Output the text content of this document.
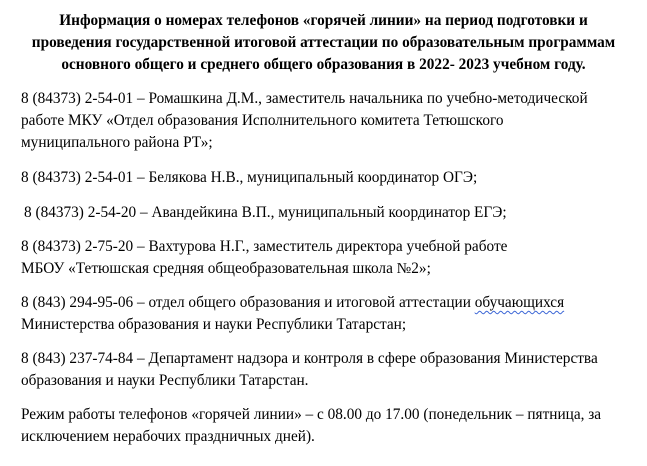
Информация о номерах телефонов «горячей линии» на период подготовки и
проведения государственной итоговой аттестации по образовательным программам
основного общего и среднего общего образования в 2022- 2023 учебном году.
8 (84373) 2-54-01 – Ромашкина Д.М., заместитель начальника по учебно-методической
работе МКУ «Отдел образования Исполнительного комитета Тетюшского
муниципального района РТ»;
8 (84373) 2-54-01 – Белякова Н.В., муниципальный координатор ОГЭ;
8 (84373) 2-54-20 – Авандейкина В.П., муниципальный координатор ЕГЭ;
8 (84373) 2-75-20 – Вахтурова Н.Г., заместитель директора учебной работе
МБОУ «Тетюшская средняя общеобразовательная школа №2»;
8 (843) 294-95-06 – отдел общего образования и итоговой аттестации обучающихся
Министерства образования и науки Республики Татарстан;
8 (843) 237-74-84 – Департамент надзора и контроля в сфере образования Министерства
образования и науки Республики Татарстан.
Режим работы телефонов «горячей линии» – с 08.00 до 17.00 (понедельник – пятница, за
исключением нерабочих праздничных дней).
